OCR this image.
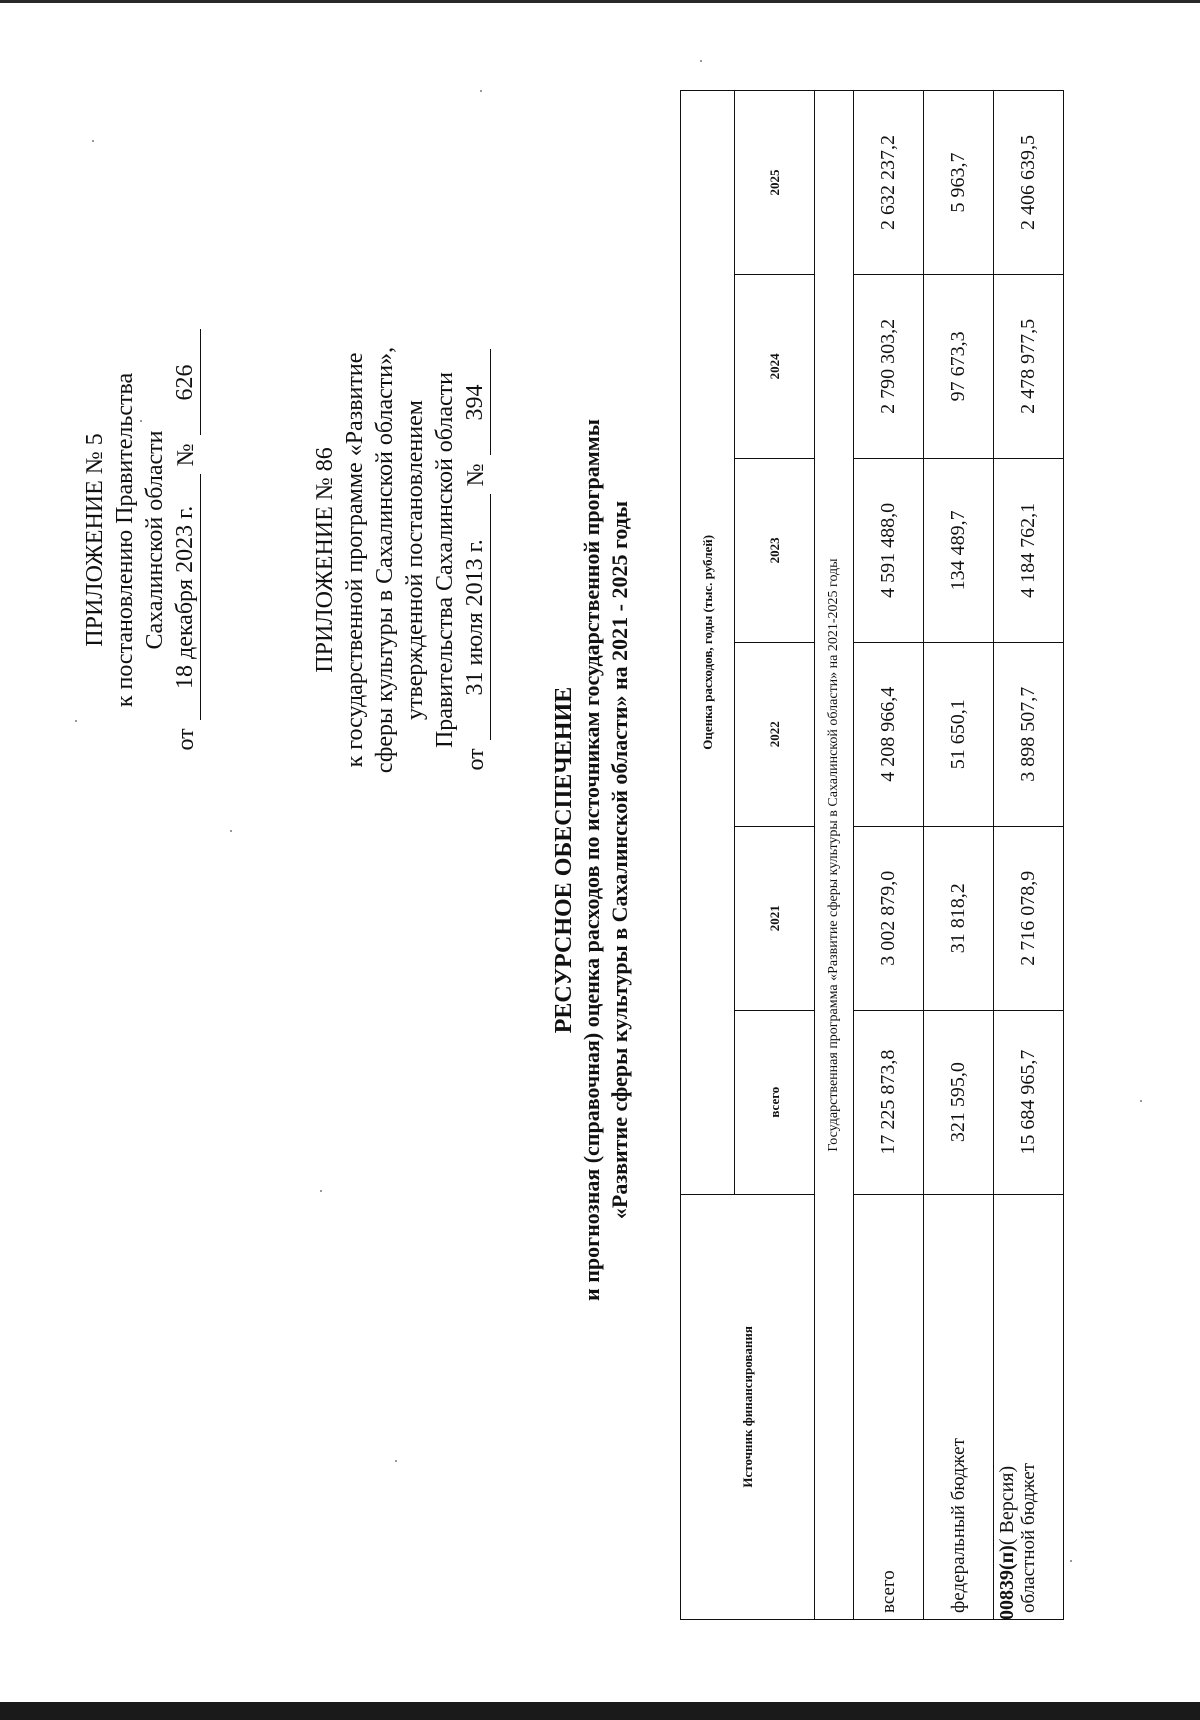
ПРИЛОЖЕНИЕ № 5 к постановлению Правительства Сахалинской области
от
18 декабря 2023 г.
№
626
ПРИЛОЖЕНИЕ № 86 к государственной программе «Развитие сферы культуры в Сахалинской области», утвержденной постановлением Правительства Сахалинской области
от
31 июля 2013 г.
№
394
РЕСУРСНОЕ ОБЕСПЕЧЕНИЕ и прогнозная (справочная) оценка расходов по источникам государственной программы «Развитие сферы культуры в Сахалинской области» на 2021 - 2025 годы
Источник финансирования	Оценка расходов, годы (тыс. рублей)					
	всего	2021	2022	2023	2024	2025
Государственная программа «Развитие сферы культуры в Сахалинской области» на 2021-2025 годы						
всего	17 225 873,8	3 002 879,0	4 208 966,4	4 591 488,0	2 790 303,2	2 632 237,2
федеральный бюджет	321 595,0	31 818,2	51 650,1	134 489,7	97 673,3	5 963,7
областной бюджет	15 684 965,7	2 716 078,9	3 898 507,7	4 184 762,1	2 478 977,5	2 406 639,5
00839(п)( Версия)
